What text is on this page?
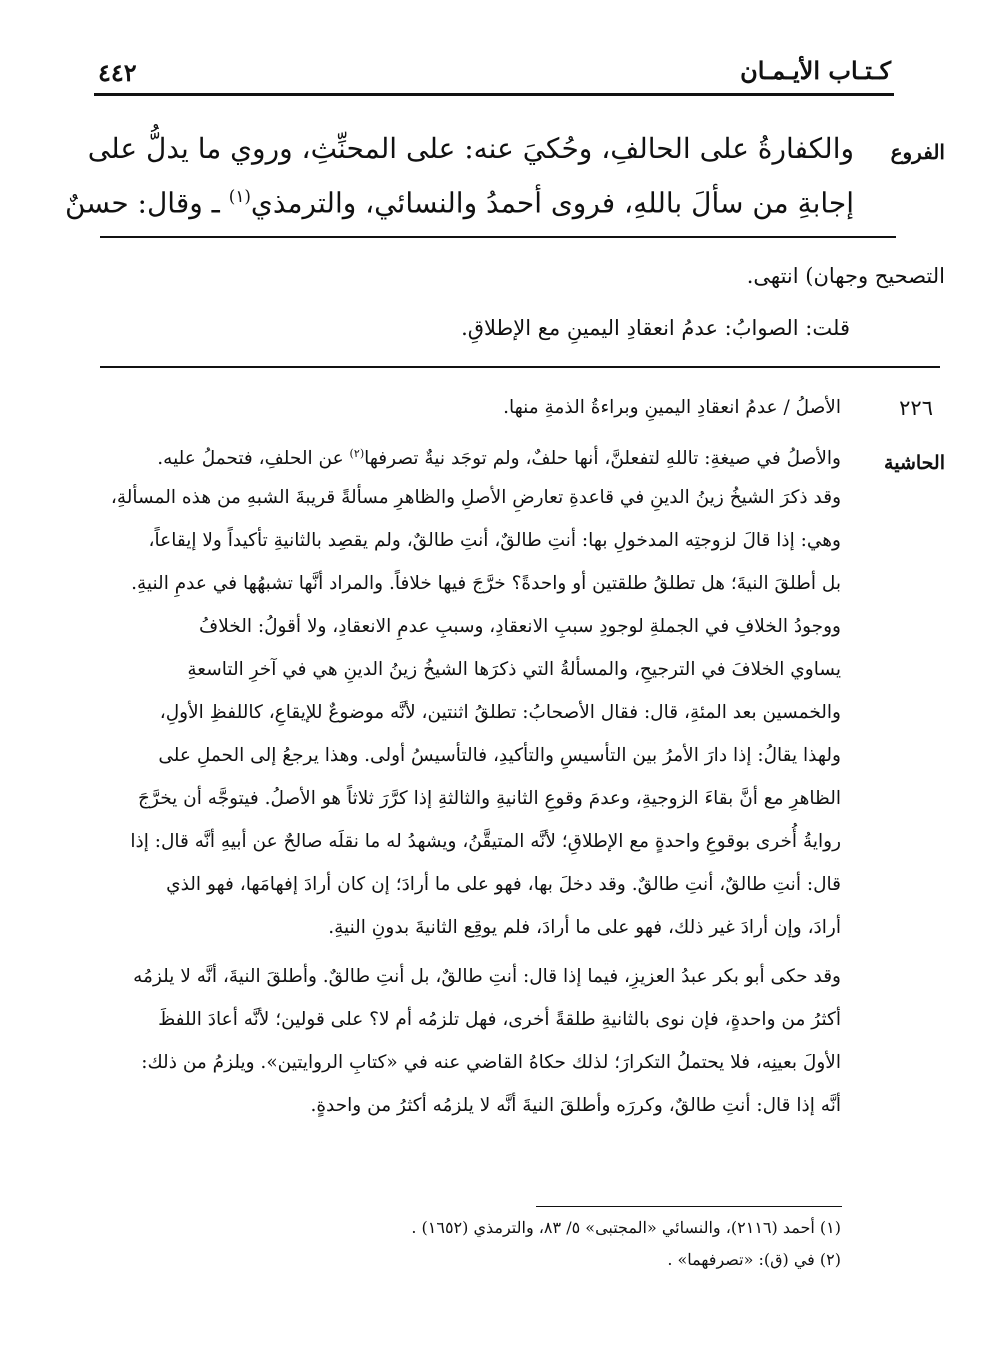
كـتـاب الأيـمـان
٤٤٢
الفروع
والكفارةُ على الحالفِ، وحُكيَ عنه: على المحنِّثِ، وروي ما يدلُّ على
إجابةِ من سألَ باللهِ، فروى أحمدُ والنسائي، والترمذي$^{(١)}$ ـ وقال: حسنٌ
التصحيح وجهان) انتهى.
قلت: الصوابُ: عدمُ انعقادِ اليمينِ مع الإطلاقِ.
٢٢٦
الأصلُ / عدمُ انعقادِ اليمينِ وبراءةُ الذمةِ منها.
الحاشية
والأصلُ في صيغةِ: تاللهِ لتفعلنَّ، أنها حلفٌ، ولم توجَد نيةٌ تصرفها$^{(٢)}$ عن الحلفِ، فتحملُ عليه.
وقد ذكرَ الشيخُ زينُ الدينِ في قاعدةِ تعارضِ الأصلِ والظاهرِ مسألةً قريبةَ الشبهِ من هذه المسألةِ،
وهي: إذا قالَ لزوجتِه المدخولِ بها: أنتِ طالقٌ، أنتِ طالقٌ، ولم يقصِد بالثانيةِ تأكيداً ولا إيقاعاً،
بل أطلقَ النيةَ؛ هل تطلقُ طلقتين أو واحدةً؟ خرَّجَ فيها خلافاً. والمراد أنَّها تشبهُها في عدمِ النيةِ.
ووجودُ الخلافِ في الجملةِ لوجودِ سببِ الانعقادِ، وسببِ عدمِ الانعقادِ، ولا أقولُ: الخلافُ
يساوي الخلافَ في الترجيحِ، والمسألةُ التي ذكرَها الشيخُ زينُ الدينِ هي في آخرِ التاسعةِ
والخمسين بعد المئةِ، قال: فقال الأصحابُ: تطلقُ اثنتين، لأنَّه موضوعٌ للإيقاعِ، كاللفظِ الأولِ،
ولهذا يقالُ: إذا دارَ الأمرُ بين التأسيسِ والتأكيدِ، فالتأسيسُ أولى. وهذا يرجعُ إلى الحملِ على
الظاهرِ مع أنَّ بقاءَ الزوجيةِ، وعدمَ وقوعِ الثانيةِ والثالثةِ إذا كرَّرَ ثلاثاً هو الأصلُ. فيتوجَّه أن يخرَّجَ
روايةُ أُخرى بوقوعِ واحدةٍ مع الإطلاقِ؛ لأنَّه المتيقَّنُ، ويشهدُ له ما نقلَه صالحٌ عن أبيهِ أنَّه قال: إذا
قال: أنتِ طالقٌ، أنتِ طالقٌ. وقد دخلَ بها، فهو على ما أرادَ؛ إن كان أرادَ إفهامَها، فهو الذي
أرادَ، وإن أرادَ غير ذلك، فهو على ما أرادَ، فلم يوقِع الثانيةَ بدونِ النيةِ.
وقد حكى أبو بكر عبدُ العزيزِ، فيما إذا قال: أنتِ طالقٌ، بل أنتِ طالقٌ. وأطلقَ النيةَ، أنَّه لا يلزمُه
أكثرُ من واحدةٍ، فإن نوى بالثانيةِ طلقةً أخرى، فهل تلزمُه أم لا؟ على قولين؛ لأنَّه أعادَ اللفظَ
الأولَ بعينِه، فلا يحتملُ التكرارَ؛ لذلك حكاهُ القاضي عنه في «كتابِ الروايتين». ويلزمُ من ذلك:
أنَّه إذا قال: أنتِ طالقٌ، وكررَه وأطلقَ النيةَ أنَّه لا يلزمُه أكثرُ من واحدةٍ.
(١) أحمد (٢١١٦)، والنسائي «المجتبى» ٥/ ٨٣، والترمذي (١٦٥٢) .
(٢) في (ق): «تصرفهما» .
